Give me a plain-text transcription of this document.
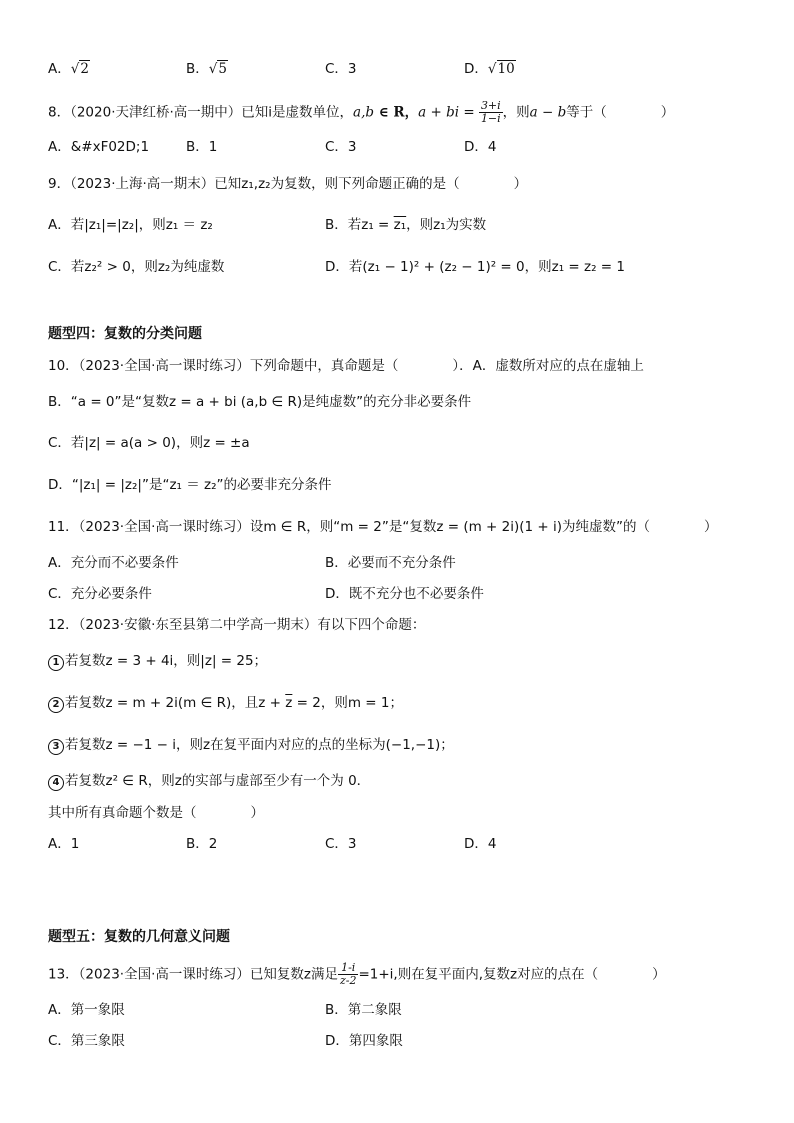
A．√2	B．√5	C．3	D．√10
8．（2020·天津红桥·高一期中）已知i是虚数单位，a,b ∈ R，a + bi = $\frac{3+i}{1-i}$ ，则a − b等于（　　　　）
A．&#xF02D;1	B．1	C．3	D．4
9．（2023·上海·高一期末）已知z₁,z₂为复数，则下列命题正确的是（　　　　）
A．若|z₁|=|z₂|，则z₁ ＝ z₂	B．若z₁ = z₁，则z₁为实数
C．若z₂² > 0，则z₂为纯虚数	D．若(z₁ − 1)² + (z₂ − 1)² = 0，则z₁ = z₂ = 1
题型四：复数的分类问题
10．（2023·全国·高一课时练习）下列命题中，真命题是（　　　　）．A．虚数所对应的点在虚轴上
B．“a = 0”是“复数z = a + bi (a,b ∈ R)是纯虚数”的充分非必要条件
C．若|z| = a(a > 0)，则z = ±a
D．“|z₁| = |z₂|”是“z₁ ＝ z₂”的必要非充分条件
11．（2023·全国·高一课时练习）设m ∈ R，则“m = 2”是“复数z = (m + 2i)(1 + i)为纯虚数”的（　　　　）
A．充分而不必要条件	B．必要而不充分条件
C．充分必要条件	D．既不充分也不必要条件
12．（2023·安徽·东至县第二中学高一期末）有以下四个命题：
1 若复数z = 3 + 4i，则|z| = 25；
2 若复数z = m + 2i(m ∈ R)，且$z + \overline{z} = 2$，则m = 1；
3 若复数z = −1 − i，则z在复平面内对应的点的坐标为(−1,−1)；
4 若复数z² ∈ R，则z的实部与虚部至少有一个为 0．
其中所有真命题个数是（　　　　）
A．1	B．2	C．3	D．4
题型五：复数的几何意义问题
13．（2023·全国·高一课时练习）已知复数z满足 $\frac{1-i}{z-2} =1+i$,则在复平面内,复数z对应的点在（　　　　）
A．第一象限	B．第二象限
C．第三象限	D．第四象限
